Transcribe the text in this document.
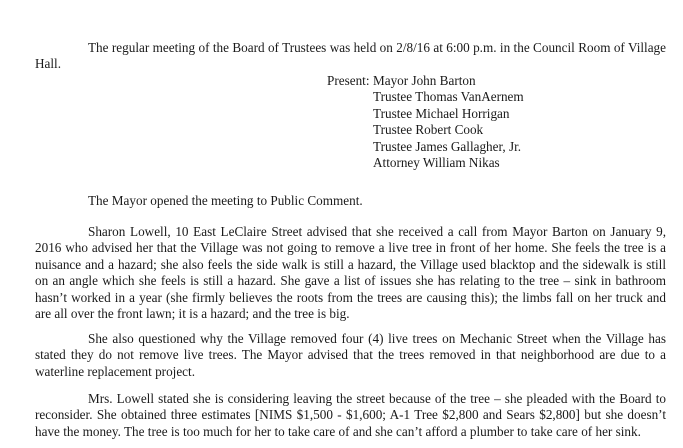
The regular meeting of the Board of Trustees was held on 2/8/16 at 6:00 p.m. in the Council Room of Village Hall.

Present: Mayor John Barton
Trustee Thomas VanAernem
Trustee Michael Horrigan
Trustee Robert Cook
Trustee James Gallagher, Jr.
Attorney William Nikas

The Mayor opened the meeting to Public Comment.

Sharon Lowell, 10 East LeClaire Street advised that she received a call from Mayor Barton on January 9, 2016 who advised her that the Village was not going to remove a live tree in front of her home. She feels the tree is a nuisance and a hazard; she also feels the side walk is still a hazard, the Village used blacktop and the sidewalk is still on an angle which she feels is still a hazard. She gave a list of issues she has relating to the tree – sink in bathroom hasn’t worked in a year (she firmly believes the roots from the trees are causing this); the limbs fall on her truck and are all over the front lawn; it is a hazard; and the tree is big.

She also questioned why the Village removed four (4) live trees on Mechanic Street when the Village has stated they do not remove live trees. The Mayor advised that the trees removed in that neighborhood are due to a waterline replacement project.

Mrs. Lowell stated she is considering leaving the street because of the tree – she pleaded with the Board to reconsider. She obtained three estimates [NIMS $1,500 - $1,600; A-1 Tree $2,800 and Sears $2,800] but she doesn’t have the money. The tree is too much for her to take care of and she can’t afford a plumber to take care of her sink.
